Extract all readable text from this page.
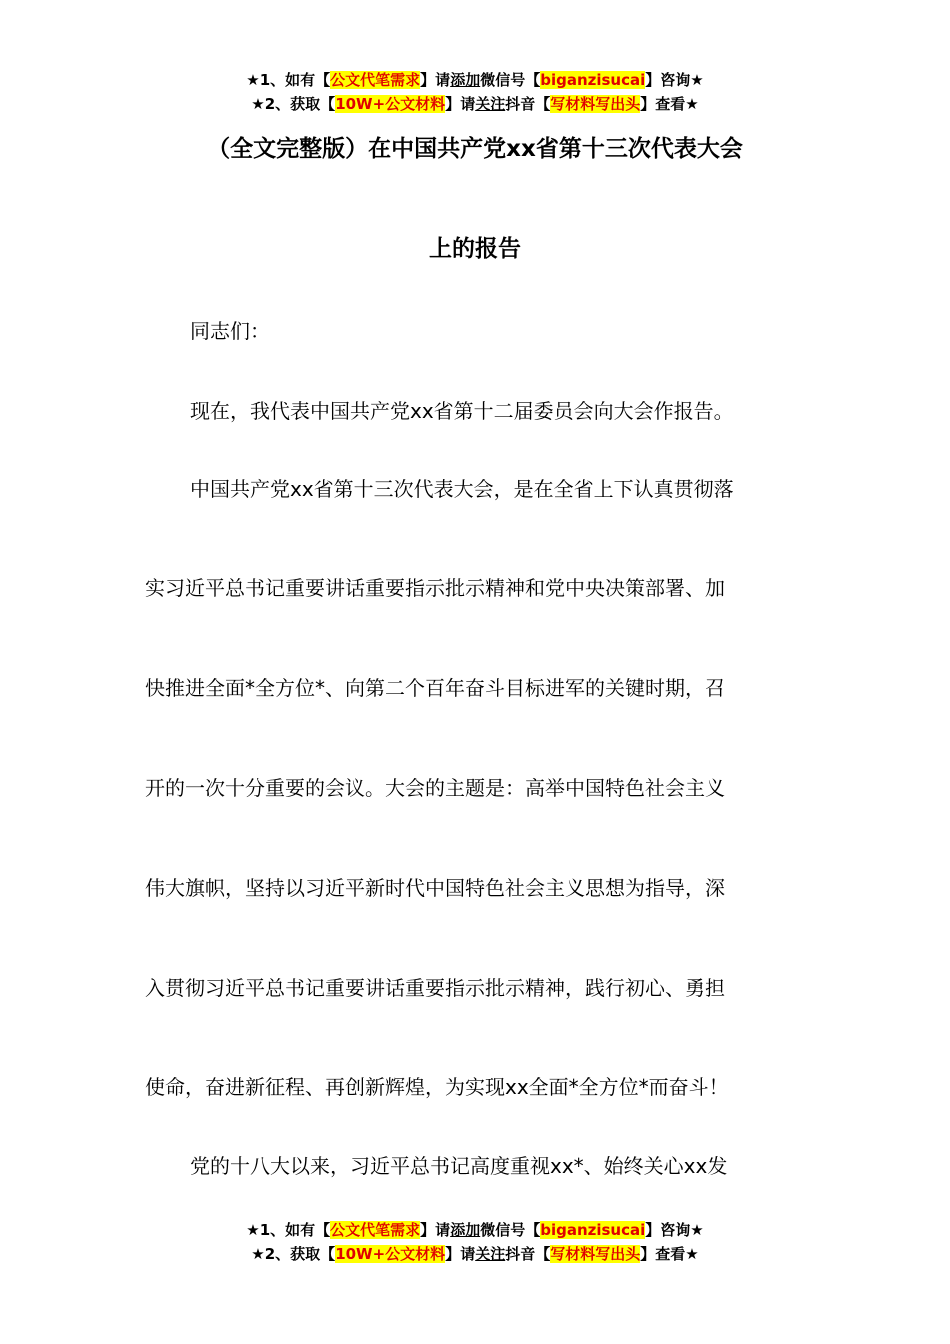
★1、如有【公文代笔需求】请添加微信号【biganzisucai】咨询★
★2、获取【10W+公文材料】请关注抖音【写材料写出头】查看★
（全文完整版）在中国共产党xx省第十三次代表大会
上的报告
同志们：
现在，我代表中国共产党xx省第十二届委员会向大会作报告。
中国共产党xx省第十三次代表大会，是在全省上下认真贯彻落
实习近平总书记重要讲话重要指示批示精神和党中央决策部署、加
快推进全面*全方位*、向第二个百年奋斗目标进军的关键时期，召
开的一次十分重要的会议。大会的主题是：高举中国特色社会主义
伟大旗帜，坚持以习近平新时代中国特色社会主义思想为指导，深
入贯彻习近平总书记重要讲话重要指示批示精神，践行初心、勇担
使命，奋进新征程、再创新辉煌，为实现xx全面*全方位*而奋斗！
党的十八大以来，习近平总书记高度重视xx*、始终关心xx发
★1、如有【公文代笔需求】请添加微信号【biganzisucai】咨询★
★2、获取【10W+公文材料】请关注抖音【写材料写出头】查看★
